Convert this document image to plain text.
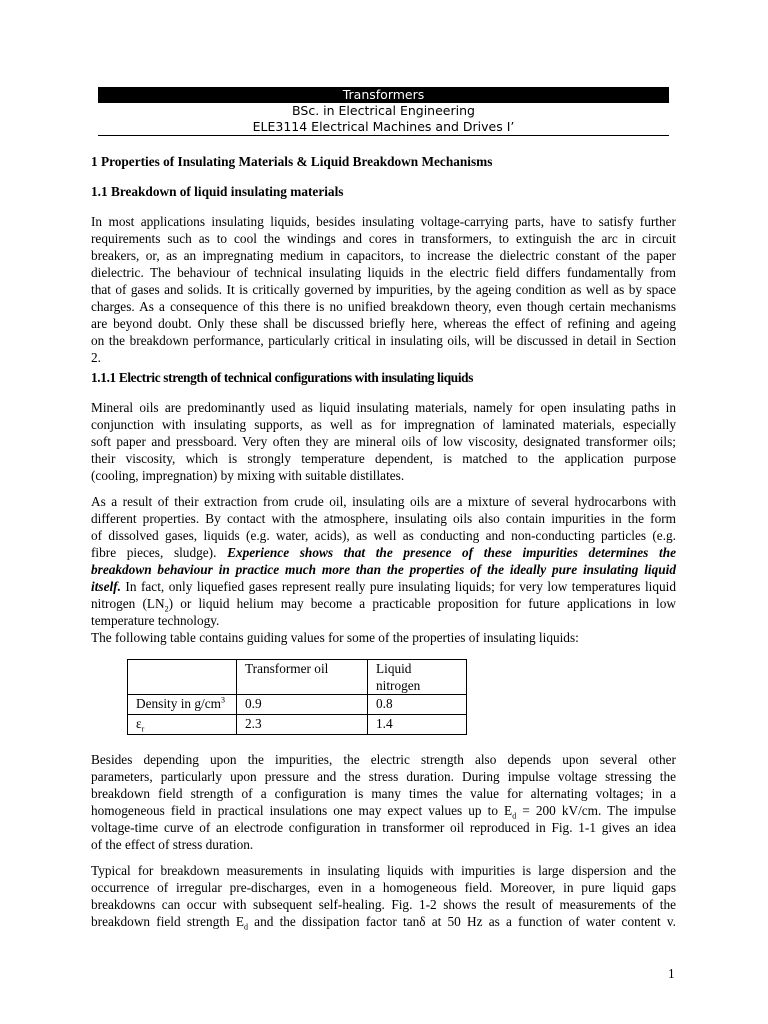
Transformers
BSc. in Electrical Engineering
ELE3114 Electrical Machines and Drives I’
1 Properties of Insulating Materials & Liquid Breakdown Mechanisms
1.1 Breakdown of liquid insulating materials
In most applications insulating liquids, besides insulating voltage-carrying parts, have to satisfy further
requirements such as to cool the windings and cores in transformers, to extinguish the arc in circuit
breakers, or, as an impregnating medium in capacitors, to increase the dielectric constant of the paper
dielectric. The behaviour of technical insulating liquids in the electric field differs fundamentally from
that of gases and solids. It is critically governed by impurities, by the ageing condition as well as by space
charges. As a consequence of this there is no unified breakdown theory, even though certain mechanisms
are beyond doubt. Only these shall be discussed briefly here, whereas the effect of refining and ageing
on the breakdown performance, particularly critical in insulating oils, will be discussed in detail in Section
2.
1.1.1 Electric strength of technical configurations with insulating liquids
Mineral oils are predominantly used as liquid insulating materials, namely for open insulating paths in
conjunction with insulating supports, as well as for impregnation of laminated materials, especially
soft paper and pressboard. Very often they are mineral oils of low viscosity, designated transformer oils;
their viscosity, which is strongly temperature dependent, is matched to the application purpose
(cooling, impregnation) by mixing with suitable distillates.
As a result of their extraction from crude oil, insulating oils are a mixture of several hydrocarbons with
different properties. By contact with the atmosphere, insulating oils also contain impurities in the form
of dissolved gases, liquids (e.g. water, acids), as well as conducting and non-conducting particles (e.g.
fibre pieces, sludge). Experience shows that the presence of these impurities determines the
breakdown behaviour in practice much more than the properties of the ideally pure insulating liquid
itself. In fact, only liquefied gases represent really pure insulating liquids; for very low temperatures liquid
nitrogen $(LN_2)$ or liquid helium may become a practicable proposition for future applications in low
temperature technology.
The following table contains guiding values for some of the properties of insulating liquids:
	Transformer oil	Liquid nitrogen
Density in $g/cm^3$	0.9	0.8
$\varepsilon_r$	2.3	1.4
Besides depending upon the impurities, the electric strength also depends upon several other
parameters, particularly upon pressure and the stress duration. During impulse voltage stressing the
breakdown field strength of a configuration is many times the value for alternating voltages; in a
homogeneous field in practical insulations one may expect values up to $E_d = 200$ kV/cm. The impulse
voltage-time curve of an electrode configuration in transformer oil reproduced in Fig. 1-1 gives an idea
of the effect of stress duration.
Typical for breakdown measurements in insulating liquids with impurities is large dispersion and the
occurrence of irregular pre-discharges, even in a homogeneous field. Moreover, in pure liquid gaps
breakdowns can occur with subsequent self-healing. Fig. 1-2 shows the result of measurements of the
breakdown field strength $E_d$ and the dissipation factor tanδ at 50 Hz as a function of water content v.
1
